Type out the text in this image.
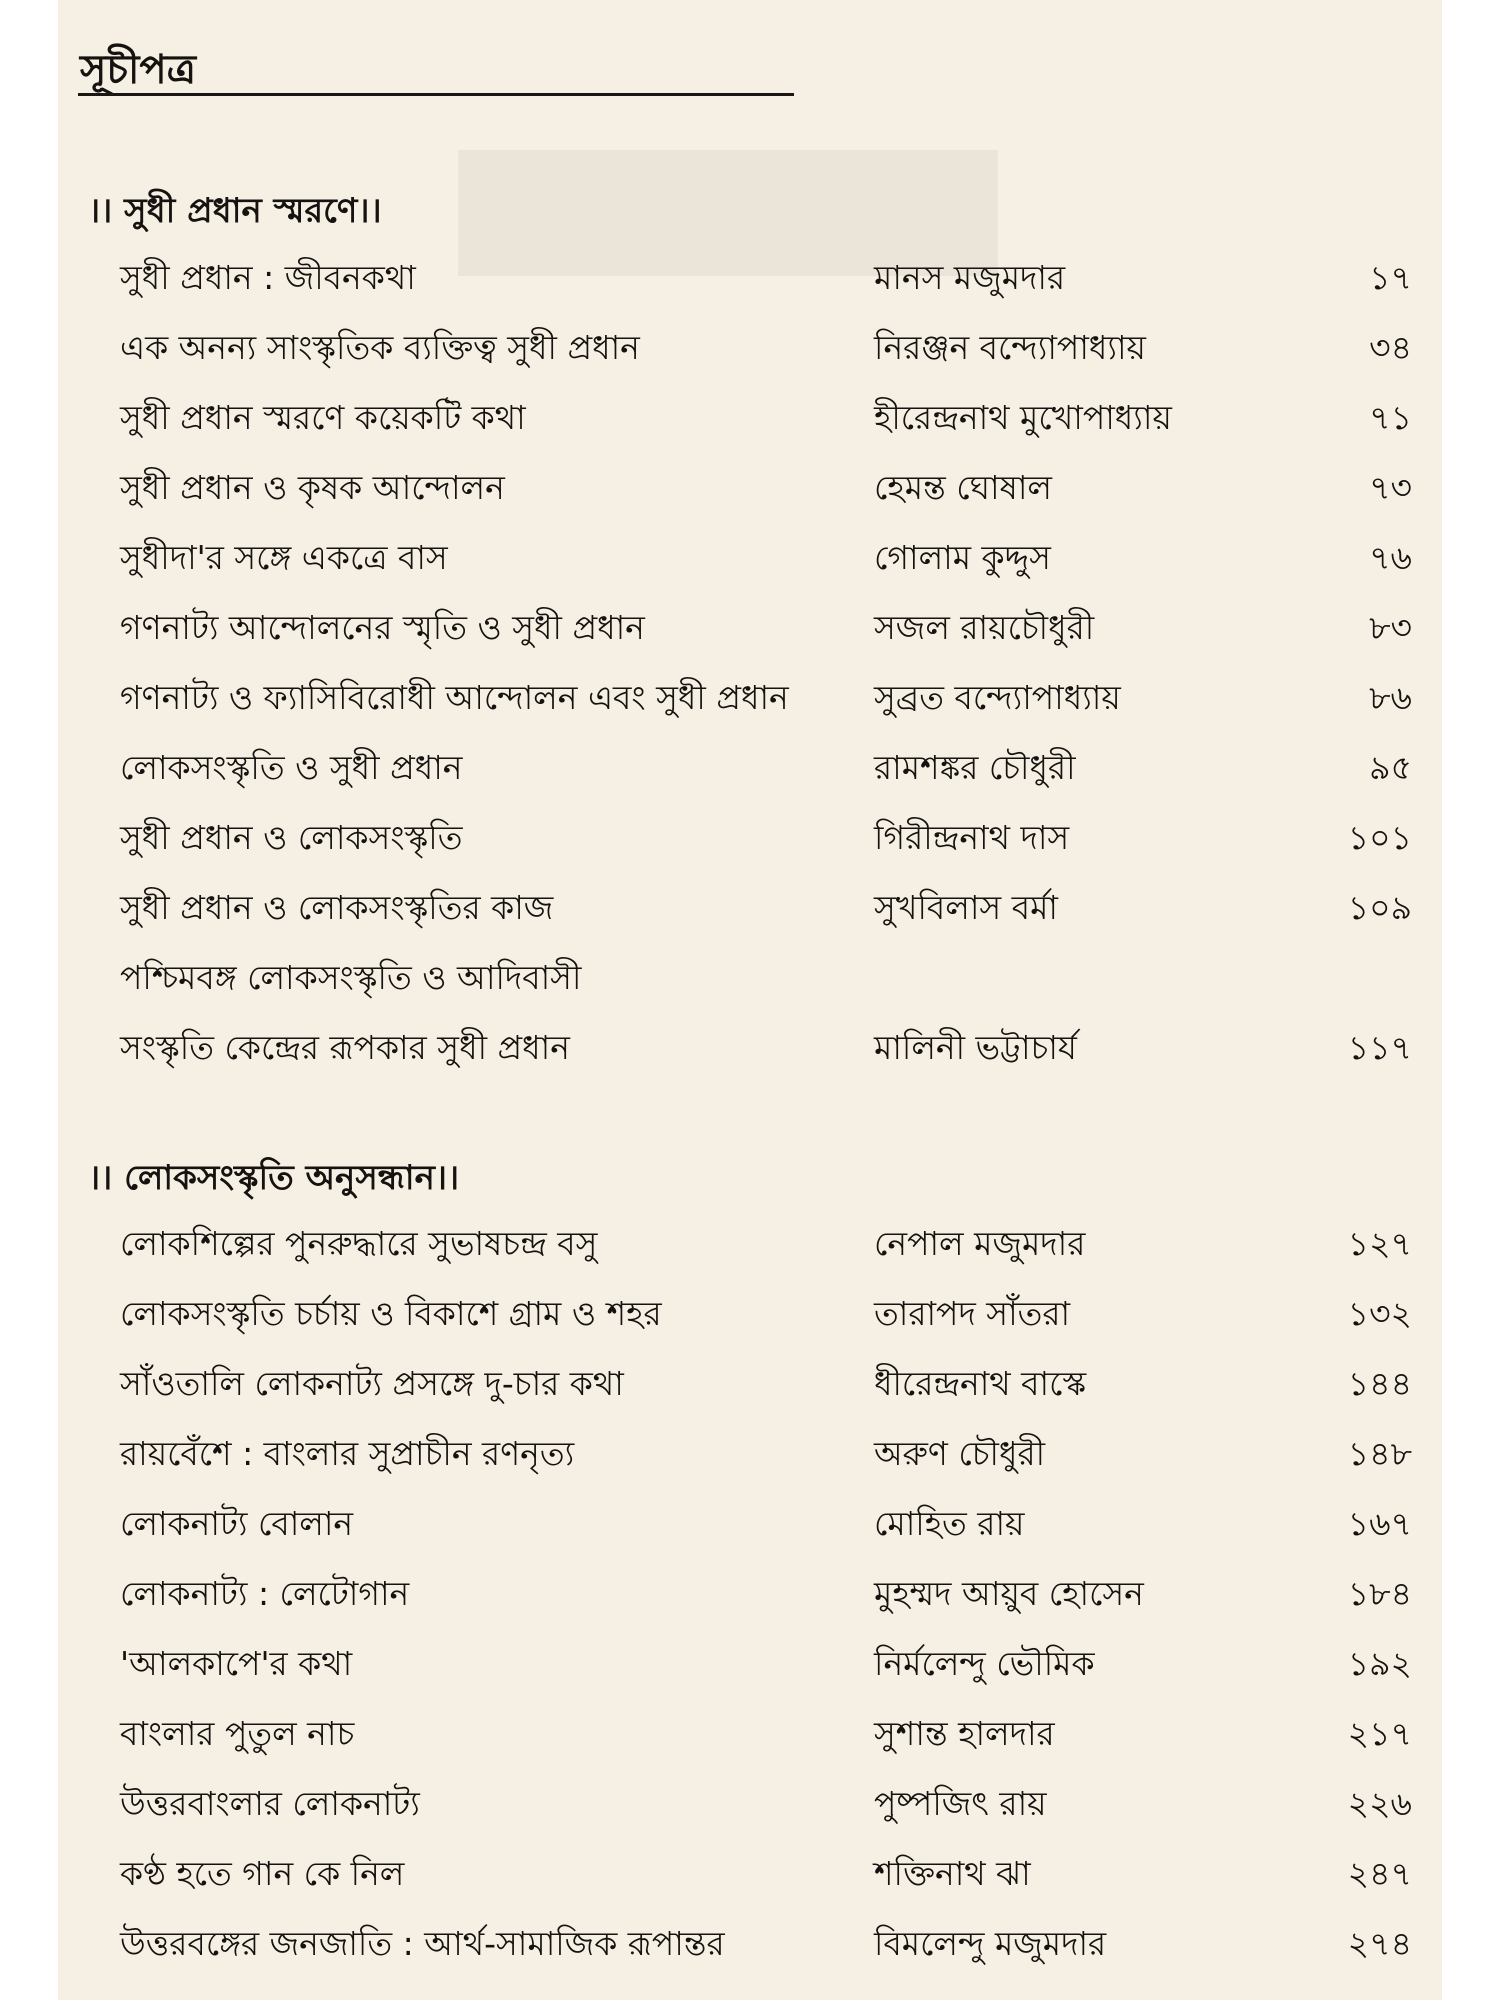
⠀⠀⠀⠀
সূচীপত্র
।। সুধী প্রধান স্মরণে।।
সুধী প্রধান : জীবনকথা	মানস মজুমদার	১৭
এক অনন্য সাংস্কৃতিক ব্যক্তিত্ব সুধী প্রধান	নিরঞ্জন বন্দ্যোপাধ্যায়	৩৪
সুধী প্রধান স্মরণে কয়েকটি কথা	হীরেন্দ্রনাথ মুখোপাধ্যায়	৭১
সুধী প্রধান ও কৃষক আন্দোলন	হেমন্ত ঘোষাল	৭৩
সুধীদা'র সঙ্গে একত্রে বাস	গোলাম কুদ্দুস	৭৬
গণনাট্য আন্দোলনের স্মৃতি ও সুধী প্রধান	সজল রায়চৌধুরী	৮৩
গণনাট্য ও ফ্যাসিবিরোধী আন্দোলন এবং সুধী প্রধান	সুব্রত বন্দ্যোপাধ্যায়	৮৬
লোকসংস্কৃতি ও সুধী প্রধান	রামশঙ্কর চৌধুরী	৯৫
সুধী প্রধান ও লোকসংস্কৃতি	গিরীন্দ্রনাথ দাস	১০১
সুধী প্রধান ও লোকসংস্কৃতির কাজ	সুখবিলাস বর্মা	১০৯
পশ্চিমবঙ্গ লোকসংস্কৃতি ও আদিবাসী
সংস্কৃতি কেন্দ্রের রূপকার সুধী প্রধান	মালিনী ভট্টাচার্য	১১৭
।। লোকসংস্কৃতি অনুসন্ধান।।
লোকশিল্পের পুনরুদ্ধারে সুভাষচন্দ্র বসু	নেপাল মজুমদার	১২৭
লোকসংস্কৃতি চর্চায় ও বিকাশে গ্রাম ও শহর	তারাপদ সাঁতরা	১৩২
সাঁওতালি লোকনাট্য প্রসঙ্গে দু-চার কথা	ধীরেন্দ্রনাথ বাস্কে	১৪৪
রায়বেঁশে : বাংলার সুপ্রাচীন রণনৃত্য	অরুণ চৌধুরী	১৪৮
লোকনাট্য বোলান	মোহিত রায়	১৬৭
লোকনাট্য : লেটোগান	মুহম্মদ আয়ুব হোসেন	১৮৪
'আলকাপে'র কথা	নির্মলেন্দু ভৌমিক	১৯২
বাংলার পুতুল নাচ	সুশান্ত হালদার	২১৭
উত্তরবাংলার লোকনাট্য	পুষ্পজিৎ রায়	২২৬
কণ্ঠ হতে গান কে নিল	শক্তিনাথ ঝা	২৪৭
উত্তরবঙ্গের জনজাতি : আর্থ-সামাজিক রূপান্তর	বিমলেন্দু মজুমদার	২৭৪
